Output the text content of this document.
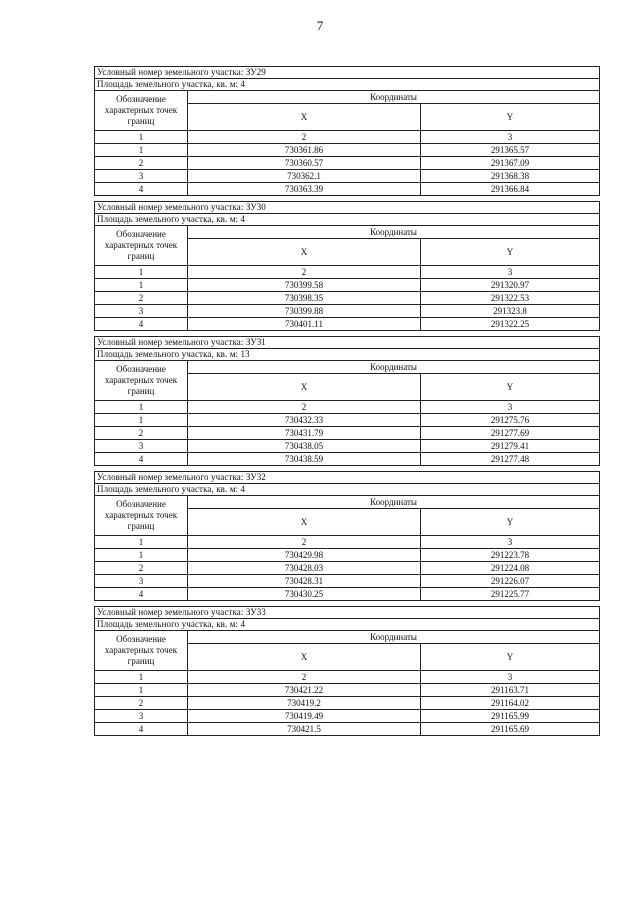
7
Условный номер земельного участка: ЗУ29		
Площадь земельного участка, кв. м: 4		
Обозначение характерных точек границ	Координаты	
	X	Y
1	2	3
1	730361.86	291365.57
2	730360.57	291367.09
3	730362.1	291368.38
4	730363.39	291366.84
Условный номер земельного участка: ЗУ30		
Площадь земельного участка, кв. м: 4		
Обозначение характерных точек границ	Координаты	
	X	Y
1	2	3
1	730399.58	291320.97
2	730398.35	291322.53
3	730399.88	291323.8
4	730401.11	291322.25
Условный номер земельного участка: ЗУ31		
Площадь земельного участка, кв. м: 13		
Обозначение характерных точек границ	Координаты	
	X	Y
1	2	3
1	730432.33	291275.76
2	730431.79	291277.69
3	730438.05	291279.41
4	730438.59	291277.48
Условный номер земельного участка: ЗУ32		
Площадь земельного участка, кв. м: 4		
Обозначение характерных точек границ	Координаты	
	X	Y
1	2	3
1	730429.98	291223.78
2	730428.03	291224.08
3	730428.31	291226.07
4	730430.25	291225.77
Условный номер земельного участка: ЗУ33		
Площадь земельного участка, кв. м: 4		
Обозначение характерных точек границ	Координаты	
	X	Y
1	2	3
1	730421.22	291163.71
2	730419.2	291164.02
3	730419.49	291165.99
4	730421.5	291165.69
